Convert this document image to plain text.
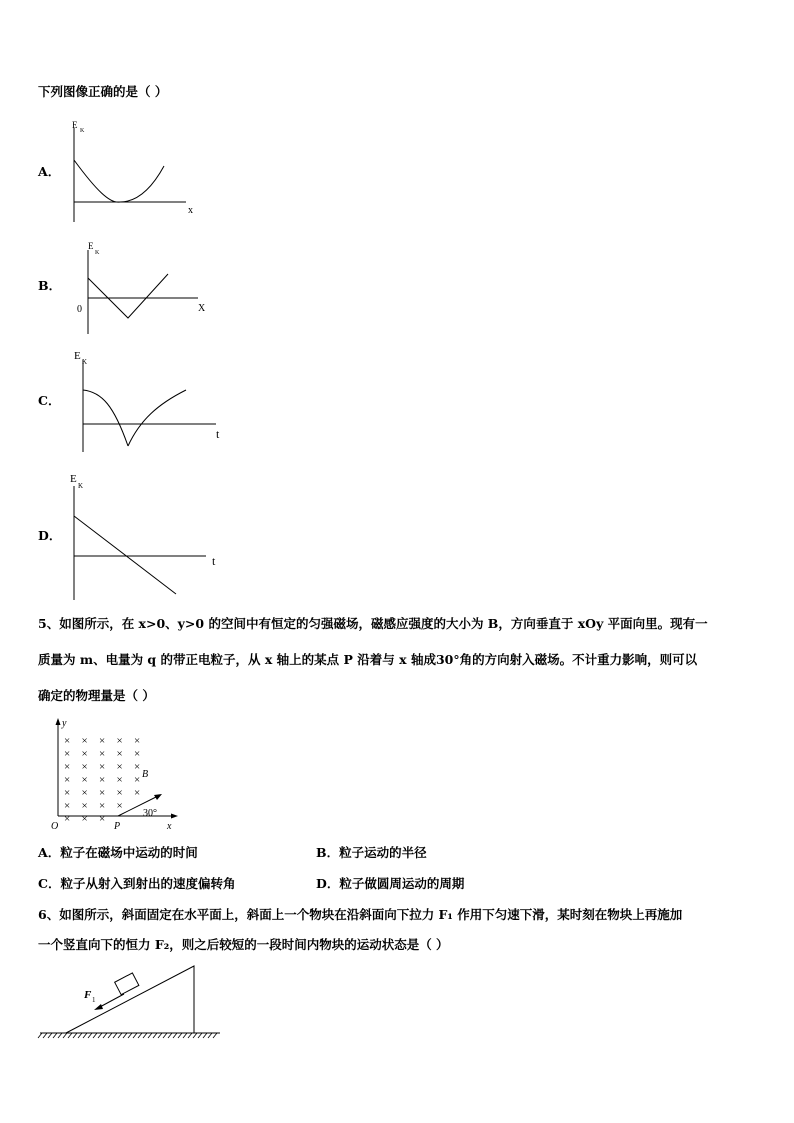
下列图像正确的是（ ）
A．
E
K
x
B．
E
K
X
0
C．
E K
t
D．
E
K
t
5、如图所示，在 x>0、y>0 的空间中有恒定的匀强磁场，磁感应强度的大小为 B，方向垂直于 xOy 平面向里。现有一
质量为 m、电量为 q 的带正电粒子，从 x 轴上的某点 P 沿着与 x 轴成30°角的方向射入磁场。不计重力影响，则可以
确定的物理量是（ ）
y
x
O	P
B
× × × × ×
× × × × ×
× × × × ×
× × × × ×
× × × × ×
× × × ×
× × ×	30°
A．粒子在磁场中运动的时间	B．粒子运动的半径
C．粒子从射入到射出的速度偏转角	D．粒子做圆周运动的周期
6、如图所示，斜面固定在水平面上，斜面上一个物块在沿斜面向下拉力 F₁ 作用下匀速下滑，某时刻在物块上再施加
一个竖直向下的恒力 F₂，则之后较短的一段时间内物块的运动状态是（ ）
F 1
